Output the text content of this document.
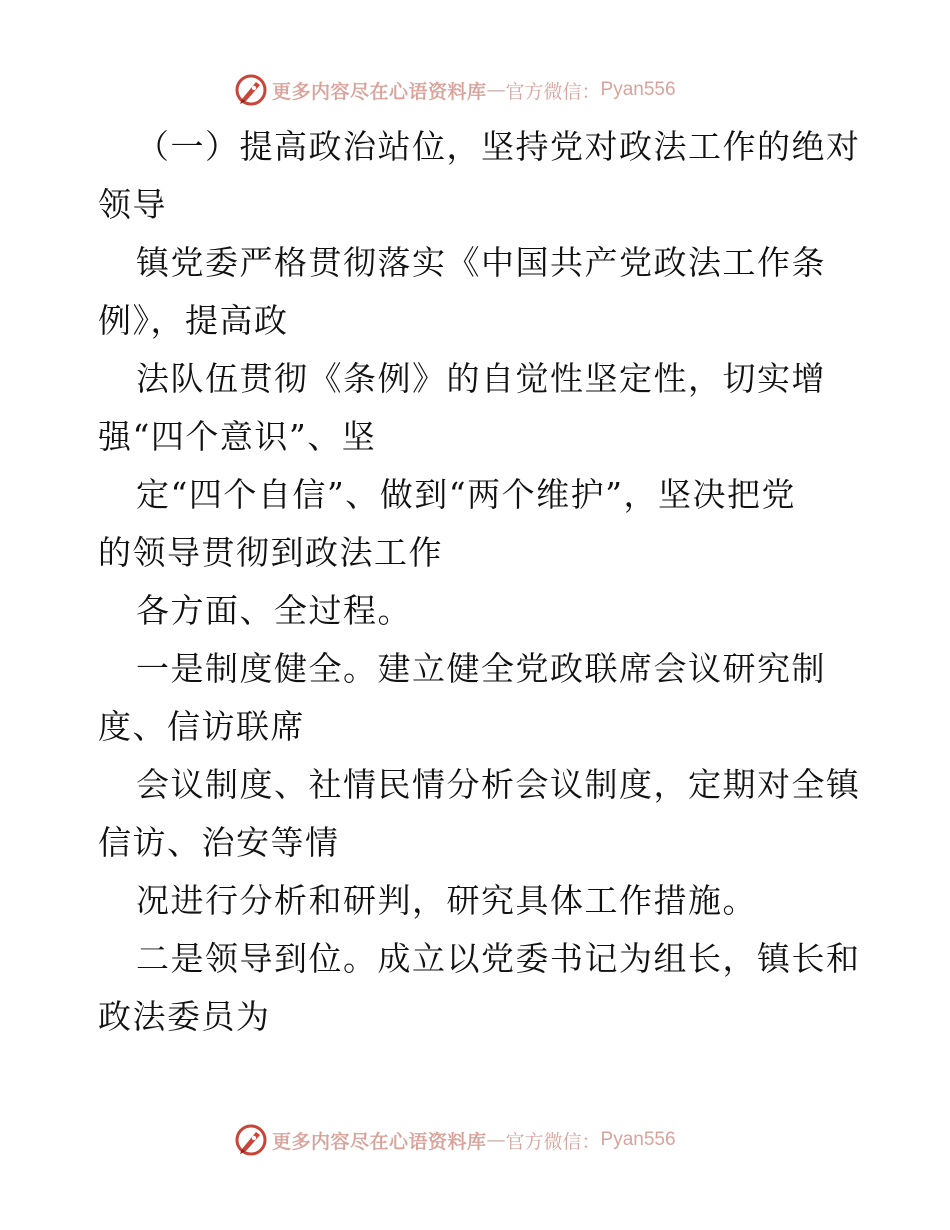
更多内容尽在心语资料库 — 官方微信： Pyan556
（一）提高政治站位，坚持党对政法工作的绝对
领导
镇党委严格贯彻落实《中国共产党政法工作条
例》，提高政
法队伍贯彻《条例》的自觉性坚定性，切实增
强“四个意识”、坚
定“四个自信”、做到“两个维护”，坚决把党
的领导贯彻到政法工作
各方面、全过程。
一是制度健全。建立健全党政联席会议研究制
度、信访联席
会议制度、社情民情分析会议制度，定期对全镇
信访、治安等情
况进行分析和研判，研究具体工作措施。
二是领导到位。成立以党委书记为组长，镇长和
政法委员为
更多内容尽在心语资料库 — 官方微信： Pyan556
